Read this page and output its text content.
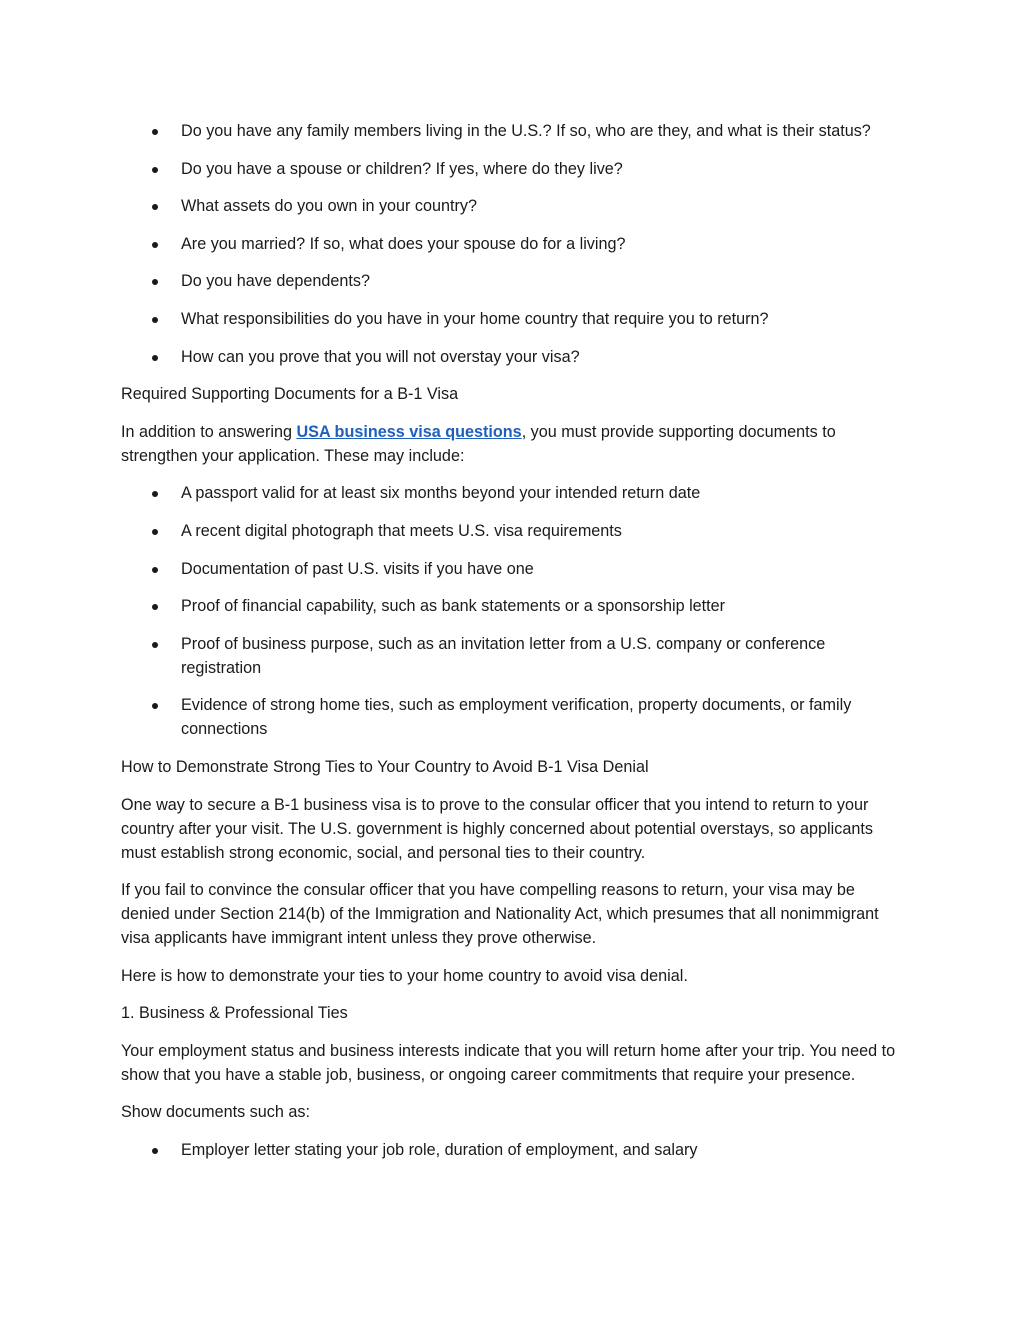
Do you have any family members living in the U.S.? If so, who are they, and what is their status?
Do you have a spouse or children? If yes, where do they live?
What assets do you own in your country?
Are you married? If so, what does your spouse do for a living?
Do you have dependents?
What responsibilities do you have in your home country that require you to return?
How can you prove that you will not overstay your visa?

Required Supporting Documents for a B-1 Visa

In addition to answering USA business visa questions, you must provide supporting documents to strengthen your application. These may include:

A passport valid for at least six months beyond your intended return date
A recent digital photograph that meets U.S. visa requirements
Documentation of past U.S. visits if you have one
Proof of financial capability, such as bank statements or a sponsorship letter
Proof of business purpose, such as an invitation letter from a U.S. company or conference registration
Evidence of strong home ties, such as employment verification, property documents, or family connections

How to Demonstrate Strong Ties to Your Country to Avoid B-1 Visa Denial

One way to secure a B-1 business visa is to prove to the consular officer that you intend to return to your country after your visit. The U.S. government is highly concerned about potential overstays, so applicants must establish strong economic, social, and personal ties to their country.

If you fail to convince the consular officer that you have compelling reasons to return, your visa may be denied under Section 214(b) of the Immigration and Nationality Act, which presumes that all nonimmigrant visa applicants have immigrant intent unless they prove otherwise.

Here is how to demonstrate your ties to your home country to avoid visa denial.

1. Business & Professional Ties

Your employment status and business interests indicate that you will return home after your trip. You need to show that you have a stable job, business, or ongoing career commitments that require your presence.

Show documents such as:

Employer letter stating your job role, duration of employment, and salary
